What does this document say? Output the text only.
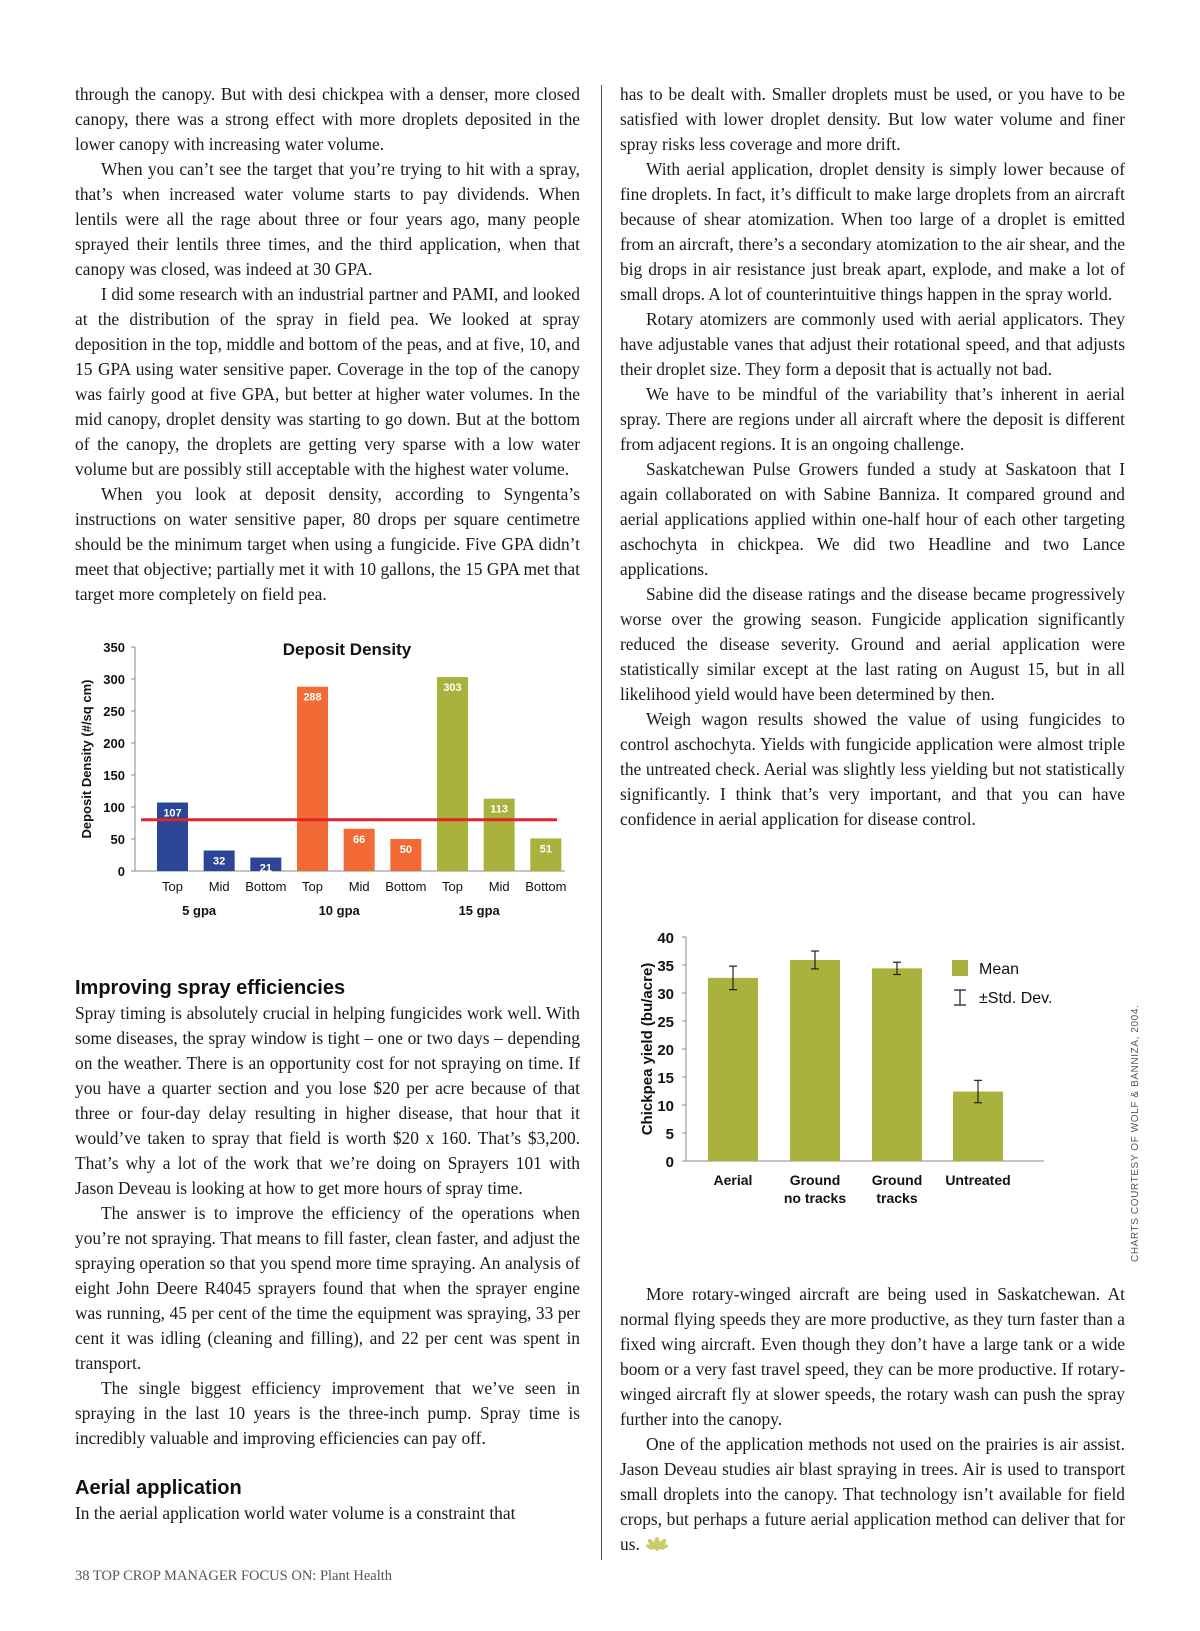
through the canopy. But with desi chickpea with a denser, more closed canopy, there was a strong effect with more droplets deposited in the lower canopy with increasing water volume.

When you can’t see the target that you’re trying to hit with a spray, that’s when increased water volume starts to pay dividends. When lentils were all the rage about three or four years ago, many people sprayed their lentils three times, and the third application, when that canopy was closed, was indeed at 30 GPA.

I did some research with an industrial partner and PAMI, and looked at the distribution of the spray in field pea. We looked at spray deposition in the top, middle and bottom of the peas, and at five, 10, and 15 GPA using water sensitive paper. Coverage in the top of the canopy was fairly good at five GPA, but better at higher water volumes. In the mid canopy, droplet density was starting to go down. But at the bottom of the canopy, the droplets are getting very sparse with a low water volume but are possibly still acceptable with the highest water volume.

When you look at deposit density, according to Syngenta’s instructions on water sensitive paper, 80 drops per square centimetre should be the minimum target when using a fungicide. Five GPA didn’t meet that objective; partially met it with 10 gallons, the 15 GPA met that target more completely on field pea.

0
50
100
150
200
250
300
350
Deposit Density (#/sq cm)
Deposit Density
107
Top
32
Mid
21
Bottom
288
Top
66
Mid
50
Bottom
303
Top
113
Mid
51
Bottom
5 gpa	10 gpa	15 gpa
Improving spray efficiencies

Spray timing is absolutely crucial in helping fungicides work well. With some diseases, the spray window is tight – one or two days – depending on the weather. There is an opportunity cost for not spraying on time. If you have a quarter section and you lose $20 per acre because of that three or four-day delay resulting in higher disease, that hour that it would’ve taken to spray that field is worth $20 x 160. That’s $3,200. That’s why a lot of the work that we’re doing on Sprayers 101 with Jason Deveau is looking at how to get more hours of spray time.

The answer is to improve the efficiency of the operations when you’re not spraying. That means to fill faster, clean faster, and adjust the spraying operation so that you spend more time spraying. An analysis of eight John Deere R4045 sprayers found that when the sprayer engine was running, 45 per cent of the time the equipment was spraying, 33 per cent it was idling (cleaning and filling), and 22 per cent was spent in transport.

The single biggest efficiency improvement that we’ve seen in spraying in the last 10 years is the three-inch pump. Spray time is incredibly valuable and improving efficiencies can pay off.

Aerial application

In the aerial application world water volume is a constraint that

has to be dealt with. Smaller droplets must be used, or you have to be satisfied with lower droplet density. But low water volume and finer spray risks less coverage and more drift.

With aerial application, droplet density is simply lower because of fine droplets. In fact, it’s difficult to make large droplets from an aircraft because of shear atomization. When too large of a droplet is emitted from an aircraft, there’s a secondary atomization to the air shear, and the big drops in air resistance just break apart, explode, and make a lot of small drops. A lot of counterintuitive things happen in the spray world.

Rotary atomizers are commonly used with aerial applicators. They have adjustable vanes that adjust their rotational speed, and that adjusts their droplet size. They form a deposit that is actually not bad.

We have to be mindful of the variability that’s inherent in aerial spray. There are regions under all aircraft where the deposit is different from adjacent regions. It is an ongoing challenge.

Saskatchewan Pulse Growers funded a study at Saskatoon that I again collaborated on with Sabine Banniza. It compared ground and aerial applications applied within one-half hour of each other targeting aschochyta in chickpea. We did two Headline and two Lance applications.

Sabine did the disease ratings and the disease became progressively worse over the growing season. Fungicide application significantly reduced the disease severity. Ground and aerial application were statistically similar except at the last rating on August 15, but in all likelihood yield would have been determined by then.

Weigh wagon results showed the value of using fungicides to control aschochyta. Yields with fungicide application were almost triple the untreated check. Aerial was slightly less yielding but not statistically significantly. I think that’s very important, and that you can have confidence in aerial application for disease control.

0
5
10
15
20
25
30
35
40
Chickpea yield (bu/acre)
Aerial	Ground
no tracks
Ground
tracks
Untreated
Mean
±Std. Dev.
CHARTS COURTESY OF WOLF & BANNIZA, 2004.

More rotary-winged aircraft are being used in Saskatchewan. At normal flying speeds they are more productive, as they turn faster than a fixed wing aircraft. Even though they don’t have a large tank or a wide boom or a very fast travel speed, they can be more productive. If rotary-winged aircraft fly at slower speeds, the rotary wash can push the spray further into the canopy.

One of the application methods not used on the prairies is air assist. Jason Deveau studies air blast spraying in trees. Air is used to transport small droplets into the canopy. That technology isn’t available for field crops, but perhaps a future aerial application method can deliver that for us.

38 TOP CROP MANAGER FOCUS ON: Plant Health
